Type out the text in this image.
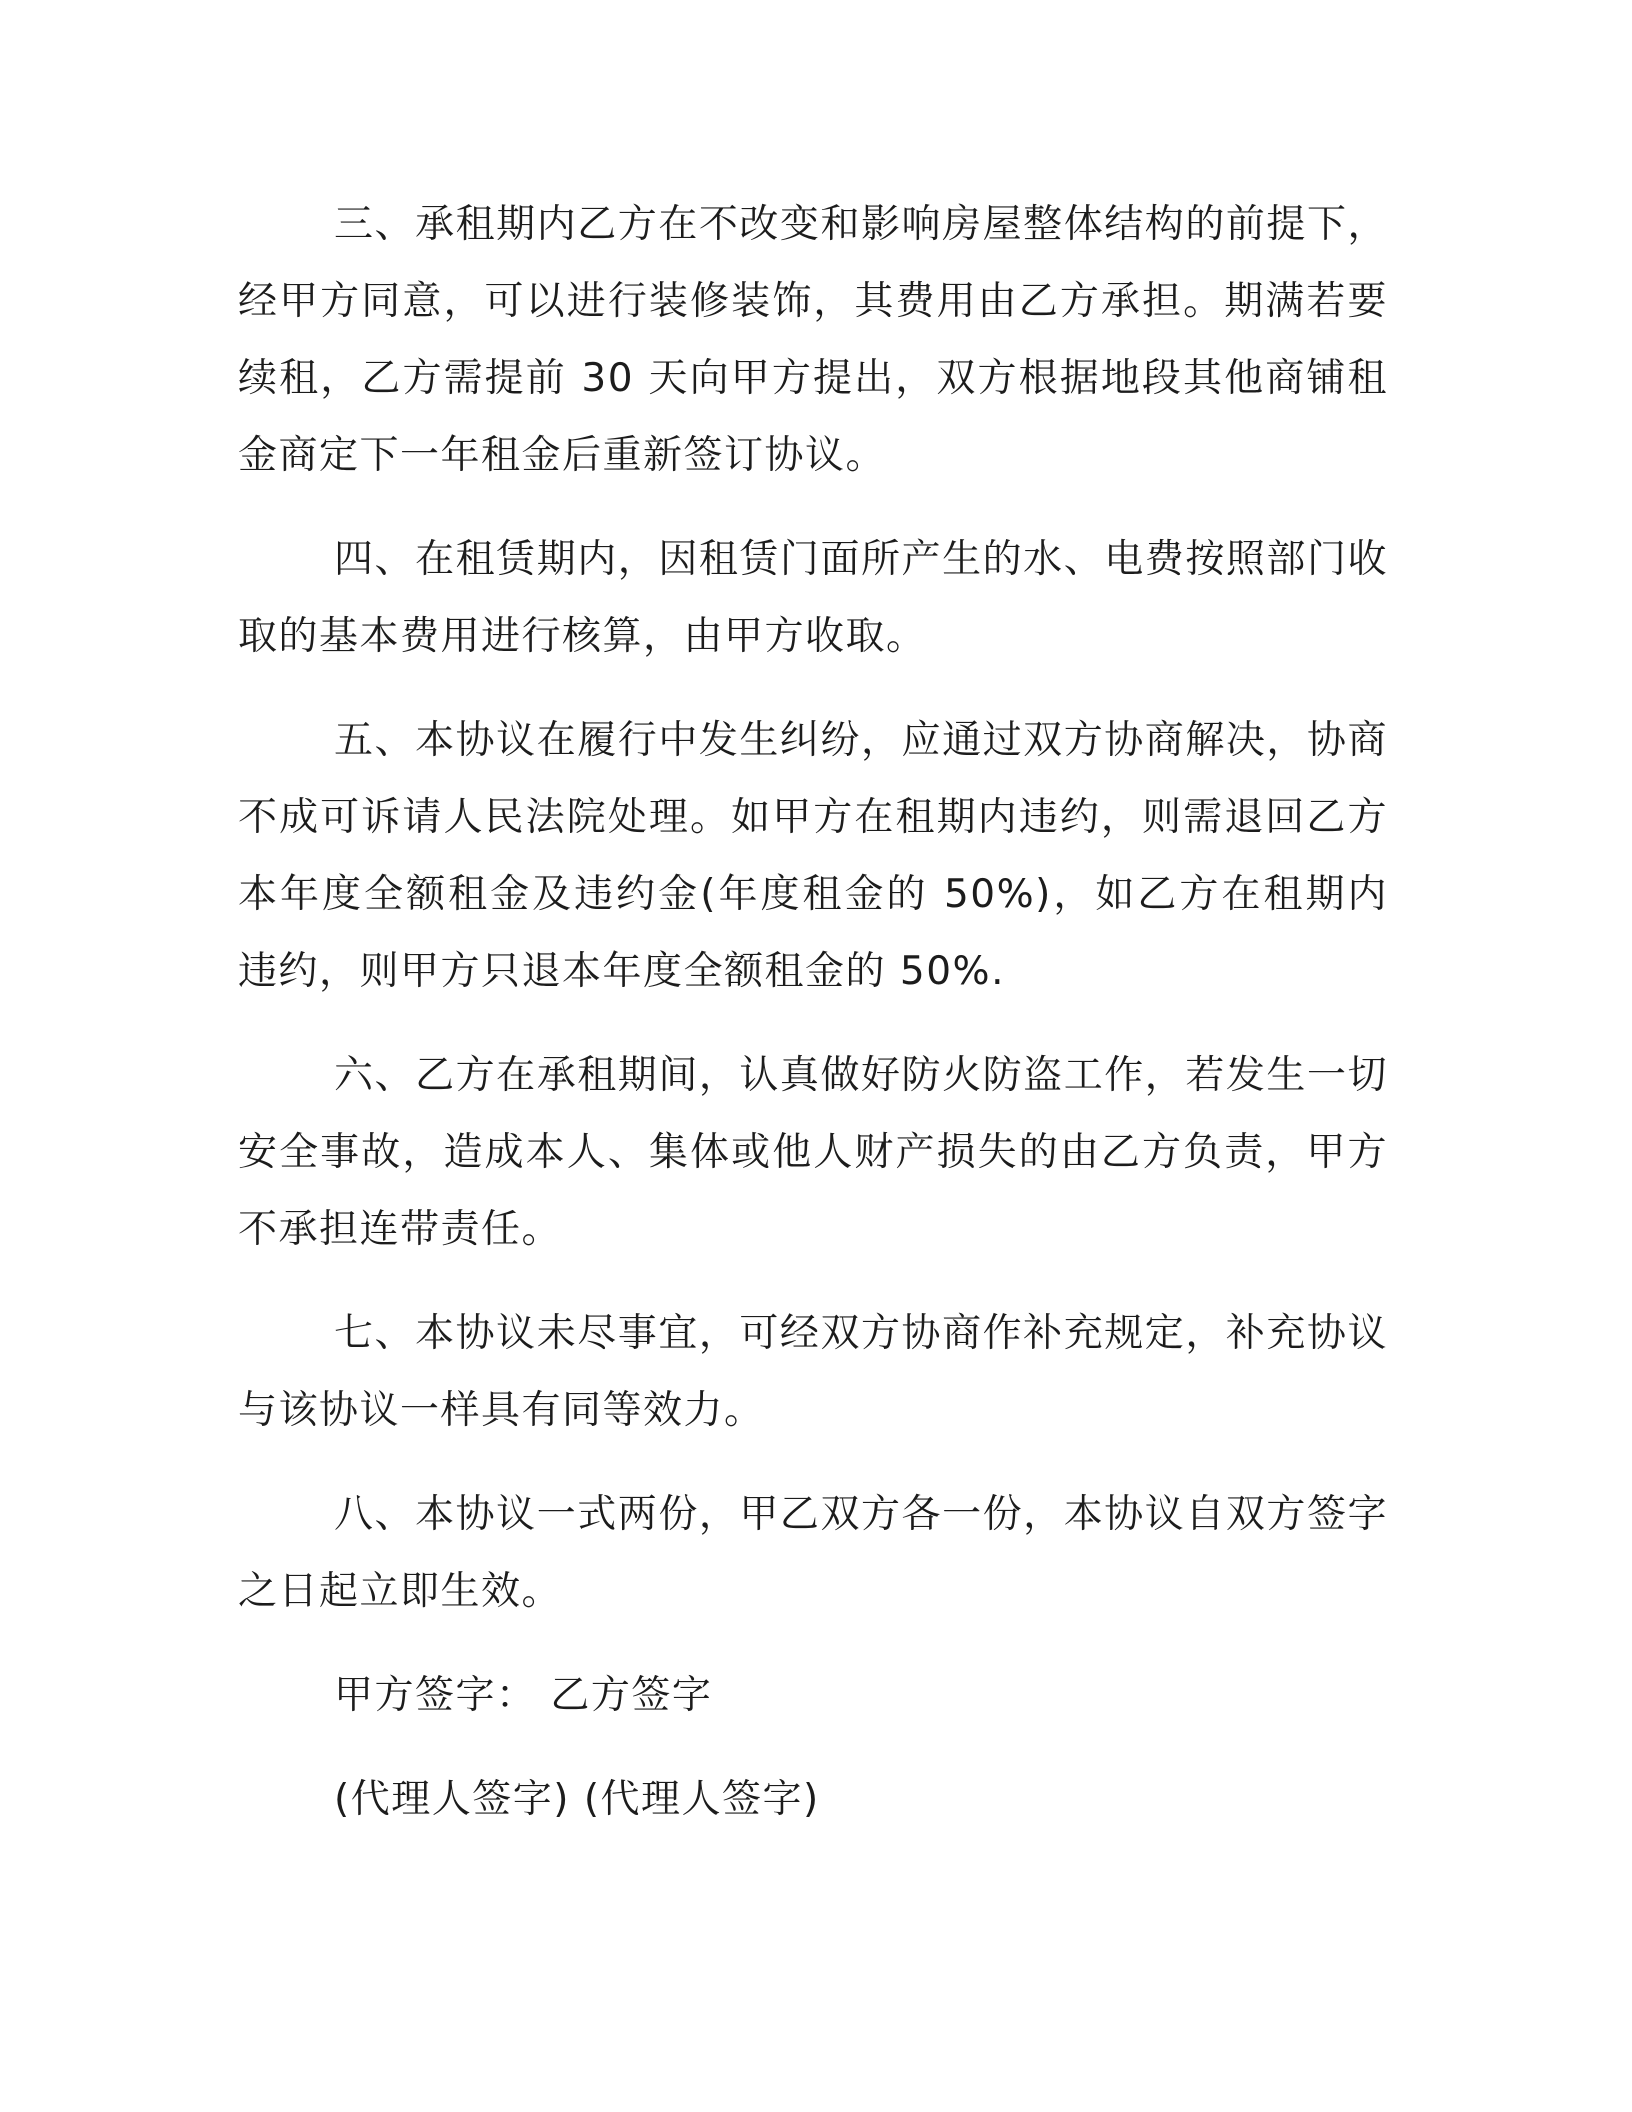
三、承租期内乙方在不改变和影响房屋整体结构的前提下，经甲方同意，可以进行装修装饰，其费用由乙方承担。期满若要续租，乙方需提前 30 天向甲方提出，双方根据地段其他商铺租金商定下一年租金后重新签订协议。

四、在租赁期内，因租赁门面所产生的水、电费按照部门收取的基本费用进行核算，由甲方收取。

五、本协议在履行中发生纠纷，应通过双方协商解决，协商不成可诉请人民法院处理。如甲方在租期内违约，则需退回乙方本年度全额租金及违约金(年度租金的 50%)，如乙方在租期内违约，则甲方只退本年度全额租金的 50%.

六、乙方在承租期间，认真做好防火防盗工作，若发生一切安全事故，造成本人、集体或他人财产损失的由乙方负责，甲方不承担连带责任。

七、本协议未尽事宜，可经双方协商作补充规定，补充协议与该协议一样具有同等效力。

八、本协议一式两份，甲乙双方各一份，本协议自双方签字之日起立即生效。

甲方签字： 乙方签字

(代理人签字) (代理人签字)
